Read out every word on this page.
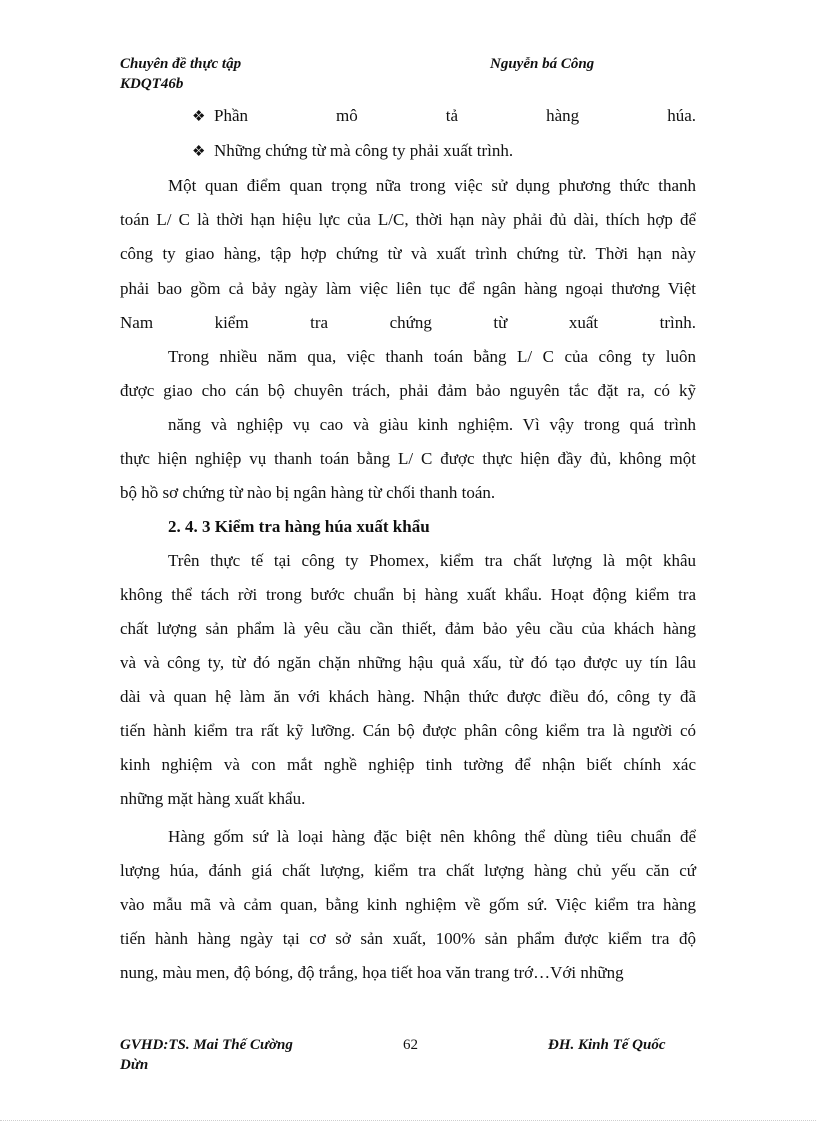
Chuyên đề thực tập
KDQT46b
Nguyễn bá Công
❖ Phần mô tả hàng húa.
❖ Những chứng từ mà công ty phải xuất trình.
Một quan điểm quan trọng nữa trong việc sử dụng phương thức thanh
toán L/ C là thời hạn hiệu lực của L/C, thời hạn này phải đủ dài, thích hợp để
công ty giao hàng, tập hợp chứng từ và xuất trình chứng từ. Thời hạn này
phải bao gồm cả bảy ngày làm việc liên tục để ngân hàng ngoại thương Việt
Nam kiểm tra chứng từ xuất trình.
Trong nhiều năm qua, việc thanh toán bằng L/ C của công ty luôn
được giao cho cán bộ chuyên trách, phải đảm bảo nguyên tắc đặt ra, có kỹ
năng và nghiệp vụ cao và giàu kinh nghiệm. Vì vậy trong quá trình
thực hiện nghiệp vụ thanh toán bằng L/ C được thực hiện đầy đủ, không một
bộ hồ sơ chứng từ nào bị ngân hàng từ chối thanh toán.
2. 4. 3 Kiểm tra hàng húa xuất khẩu
Trên thực tế tại công ty Phomex, kiểm tra chất lượng là một khâu
không thể tách rời trong bước chuẩn bị hàng xuất khẩu. Hoạt động kiểm tra
chất lượng sản phẩm là yêu cầu cần thiết, đảm bảo yêu cầu của khách hàng
và và công ty, từ đó ngăn chặn những hậu quả xấu, từ đó tạo được uy tín lâu
dài và quan hệ làm ăn với khách hàng. Nhận thức được điều đó, công ty đã
tiến hành kiểm tra rất kỹ lưỡng. Cán bộ được phân công kiểm tra là người có
kinh nghiệm và con mắt nghề nghiệp tinh tường để nhận biết chính xác
những mặt hàng xuất khẩu.
Hàng gốm sứ là loại hàng đặc biệt nên không thể dùng tiêu chuẩn để
lượng húa, đánh giá chất lượng, kiểm tra chất lượng hàng chủ yếu căn cứ
vào mẫu mã và cảm quan, bằng kinh nghiệm về gốm sứ. Việc kiểm tra hàng
tiến hành hàng ngày tại cơ sở sản xuất, 100% sản phẩm được kiểm tra độ
nung, màu men, độ bóng, độ trắng, họa tiết hoa văn trang trớ…Với những
GVHD:TS. Mai Thế Cường
Dừn
62	ĐH. Kinh Tế Quốc
